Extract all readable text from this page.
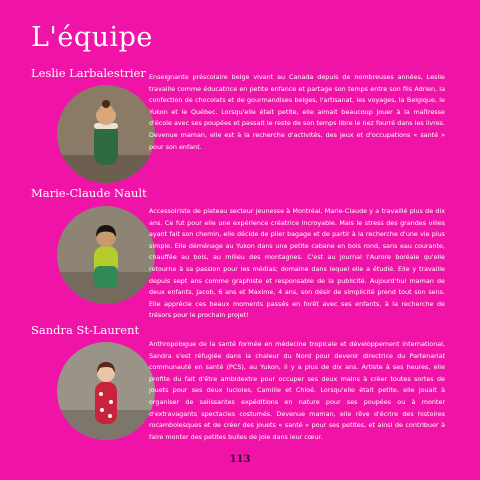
L'équipe
Leslie Larbalestrier Enseignante préscolaire belge vivant au Canada depuis de nombreuses années, Leslie travaille comme éducatrice en petite enfance et partage son temps entre son fils Adrien, la confection de chocolats et de gourmandises belges, l'artisanat, les voyages, la Belgique, le Yukon et le Québec. Lorsqu'elle était petite, elle aimait beaucoup jouer à la maîtresse d'école avec ses poupées et passait le reste de son temps libre le nez fourré dans les livres. Devenue maman, elle est à la recherche d'activités, des jeux et d'occupations « santé » pour son enfant.

Marie-Claude Nault

Accessoiriste de plateau secteur jeunesse à Montréal, Marie-Claude y a travaillé plus de dix ans. Ce fut pour elle une expérience créatrice incroyable. Mais le stress des grandes villes ayant fait son chemin, elle décide de plier bagage et de partir à la recherche d'une vie plus simple. Elle déménage au Yukon dans une petite cabane en bois rond, sans eau courante, chauffée au bois, au milieu des montagnes. C'est au journal l'Aurore boréale qu'elle retourne à sa passion pour les médias; domaine dans lequel elle a étudié. Elle y travaille depuis sept ans comme graphiste et responsable de la publicité. Aujourd'hui maman de deux enfants, Jacob, 6 ans et Maxime, 4 ans, son désir de simplicité prend tout son sens. Elle apprécie ces beaux moments passés en forêt avec ses enfants, à la recherche de trésors pour le prochain projet!

Sandra St-Laurent

Anthropologue de la santé formée en médecine tropicale et développement international, Sandra s'est réfugiée dans la chaleur du Nord pour devenir directrice du Partenariat communauté en santé (PCS), au Yukon, il y a plus de dix ans. Artiste à ses heures, elle profite du fait d'être ambidextre pour occuper ses deux mains à créer toutes sortes de jouets pour ses deux lucioles, Camille et Chloé. Lorsqu'elle était petite, elle jouait à organiser de salissantes expéditions en nature pour ses poupées ou à monter d'extravagants spectacles costumés. Devenue maman, elle rêve d'écrire des histoires rocambolesques et de créer des jouets « santé » pour ses petites, et ainsi de contribuer à faire monter des petites bulles de joie dans leur cœur.

113
